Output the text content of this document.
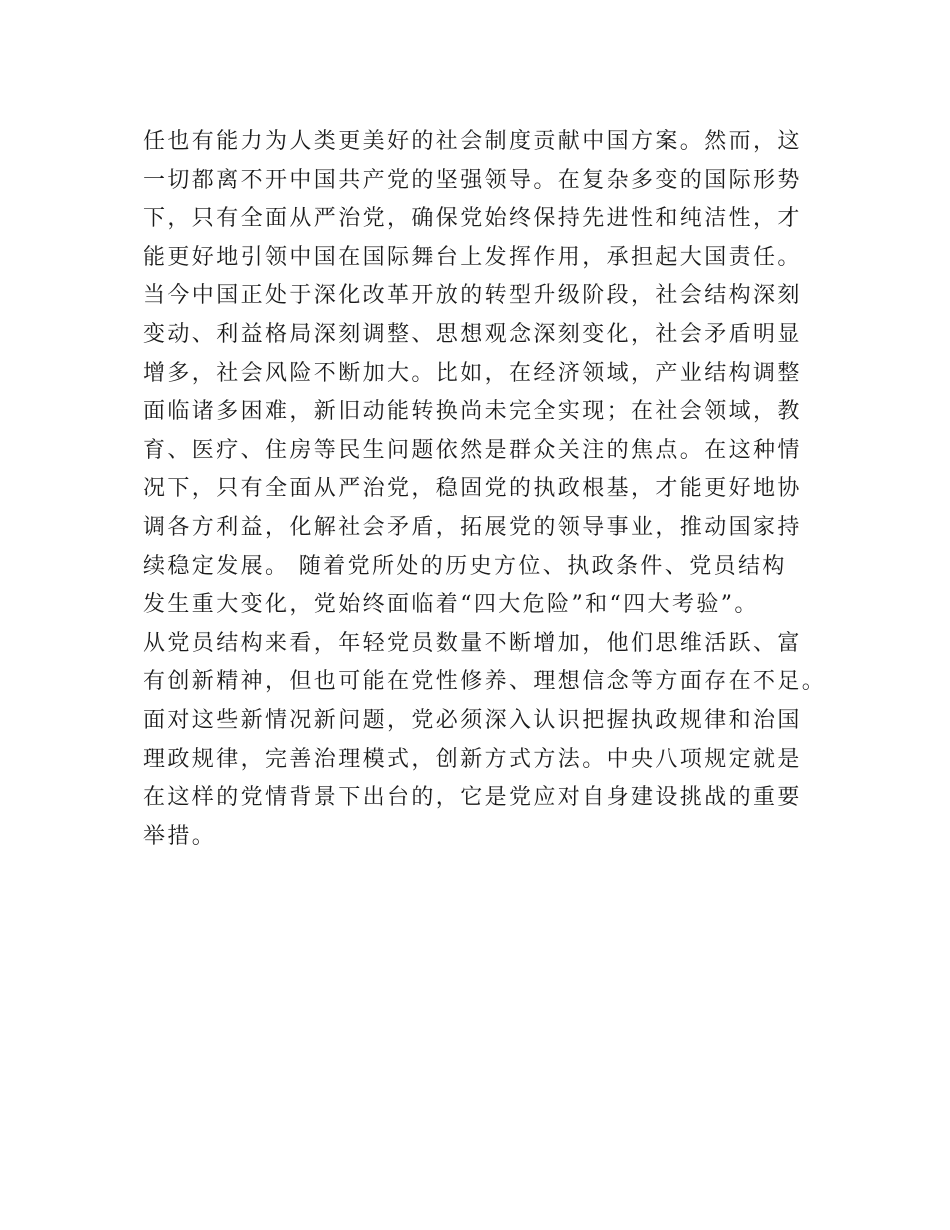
任也有能力为人类更美好的社会制度贡献中国方案。然而，这
一切都离不开中国共产党的坚强领导。在复杂多变的国际形势
下，只有全面从严治党，确保党始终保持先进性和纯洁性，才
能更好地引领中国在国际舞台上发挥作用，承担起大国责任。
当今中国正处于深化改革开放的转型升级阶段，社会结构深刻
变动、利益格局深刻调整、思想观念深刻变化，社会矛盾明显
增多，社会风险不断加大。比如，在经济领域，产业结构调整
面临诸多困难，新旧动能转换尚未完全实现；在社会领域，教
育、医疗、住房等民生问题依然是群众关注的焦点。在这种情
况下，只有全面从严治党，稳固党的执政根基，才能更好地协
调各方利益，化解社会矛盾，拓展党的领导事业，推动国家持
续稳定发展。 随着党所处的历史方位、执政条件、党员结构
发生重大变化，党始终面临着“四大危险”和“四大考验”。
从党员结构来看，年轻党员数量不断增加，他们思维活跃、富
有创新精神，但也可能在党性修养、理想信念等方面存在不足。
面对这些新情况新问题，党必须深入认识把握执政规律和治国
理政规律，完善治理模式，创新方式方法。中央八项规定就是
在这样的党情背景下出台的，它是党应对自身建设挑战的重要
举措。
